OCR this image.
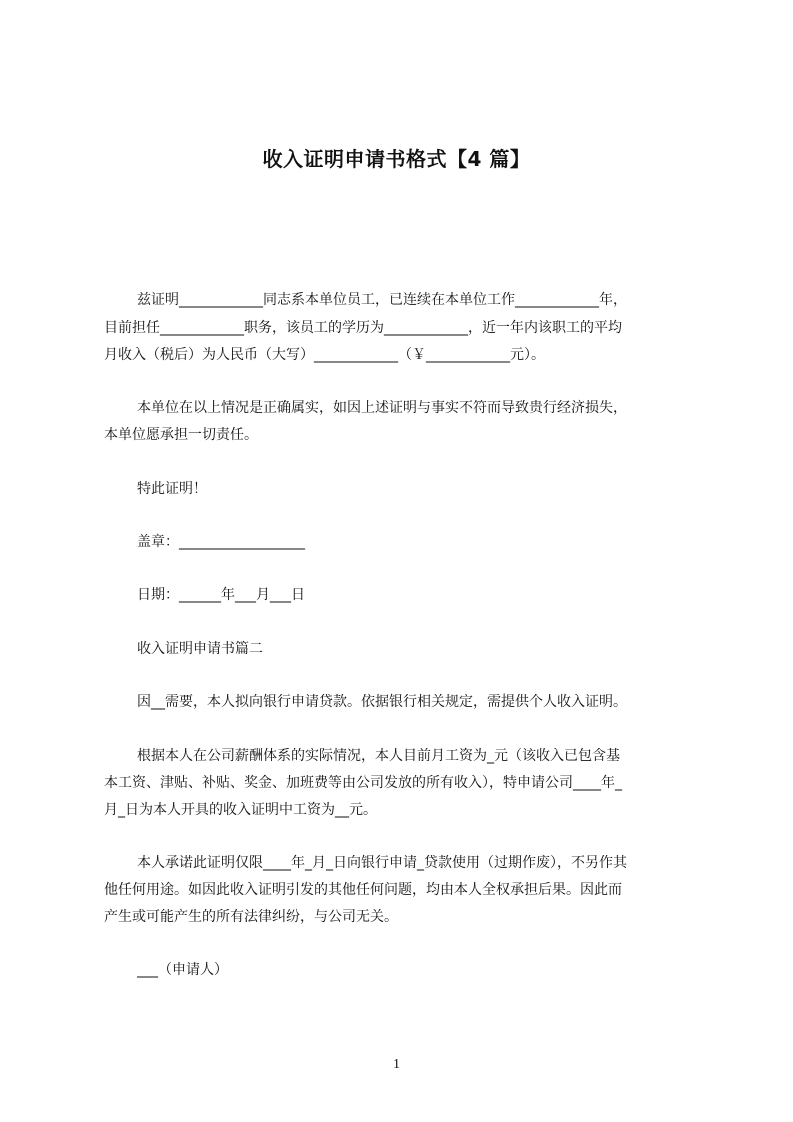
收入证明申请书格式【4 篇】
兹证明____________同志系本单位员工，已连续在本单位工作____________年，
目前担任____________职务，该员工的学历为____________，近一年内该职工的平均
月收入（税后）为人民币（大写）____________（￥____________元）。
本单位在以上情况是正确属实，如因上述证明与事实不符而导致贵行经济损失，
本单位愿承担一切责任。
特此证明！
盖章：__________________
日期：______年___月___日
收入证明申请书篇二
因__需要，本人拟向银行申请贷款。依据银行相关规定，需提供个人收入证明。
根据本人在公司薪酬体系的实际情况，本人目前月工资为_元（该收入已包含基
本工资、津贴、补贴、奖金、加班费等由公司发放的所有收入），特申请公司____年_
月_日为本人开具的收入证明中工资为__元。
本人承诺此证明仅限____年_月_日向银行申请_贷款使用（过期作废），不另作其
他任何用途。如因此收入证明引发的其他任何问题，均由本人全权承担后果。因此而
产生或可能产生的所有法律纠纷，与公司无关。
___（申请人）
1
